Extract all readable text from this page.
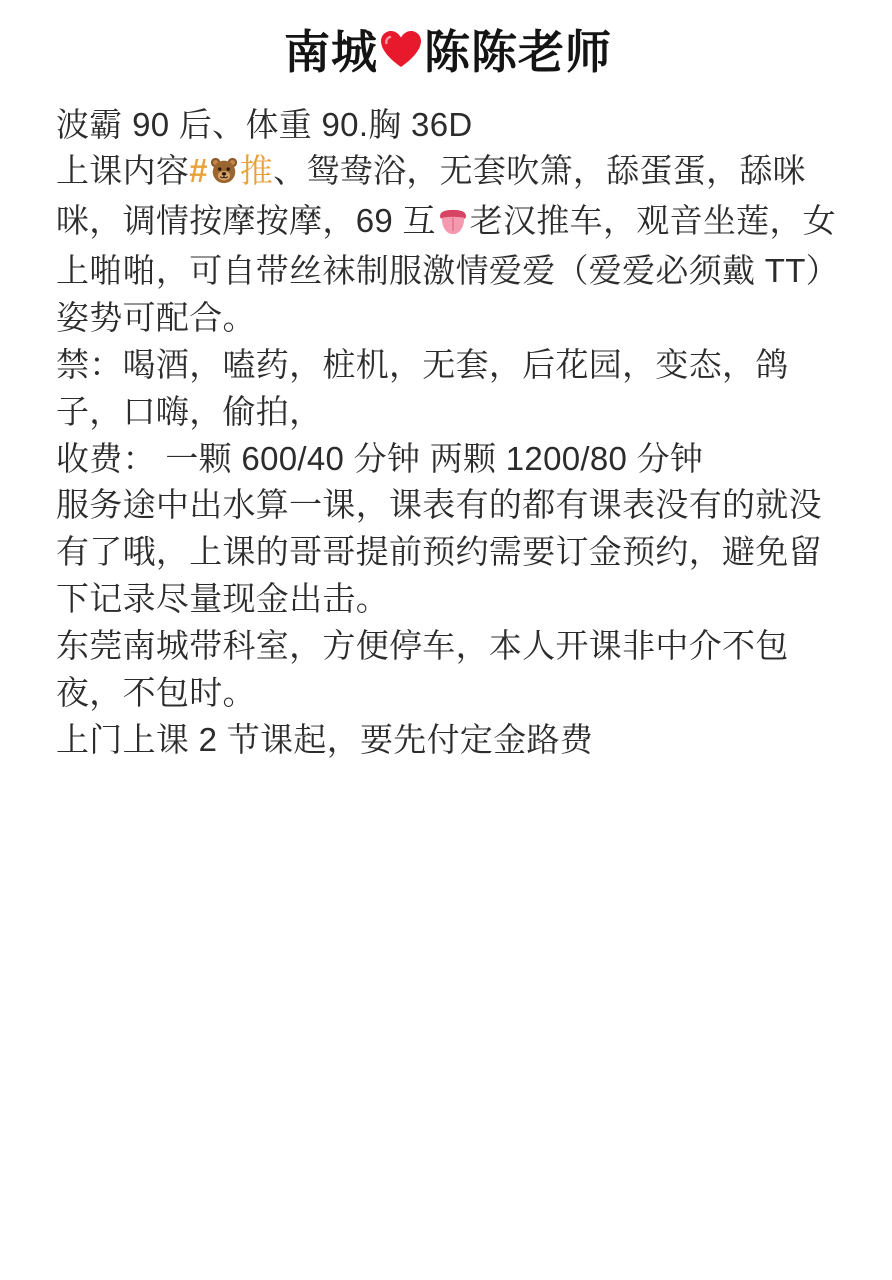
南城 陈陈老师
波霸 90 后、体重 90.胸 36D
上课内容# 推、鸳鸯浴，无套吹箫，舔蛋蛋，舔咪咪，调情按摩按摩，69 互 老汉推车，观音坐莲，女上啪啪，可自带丝袜制服激情爱爱（爱爱必须戴 TT）姿势可配合。
禁：喝酒，嗑药，桩机，无套，后花园，变态，鸽子，口嗨，偷拍，
收费： 一颗 600/40 分钟 两颗 1200/80 分钟
服务途中出水算一课，课表有的都有课表没有的就没有了哦，上课的哥哥提前预约需要订金预约，避免留下记录尽量现金出击。
东莞南城带科室，方便停车，本人开课非中介不包夜，不包时。
上门上课 2 节课起，要先付定金路费
